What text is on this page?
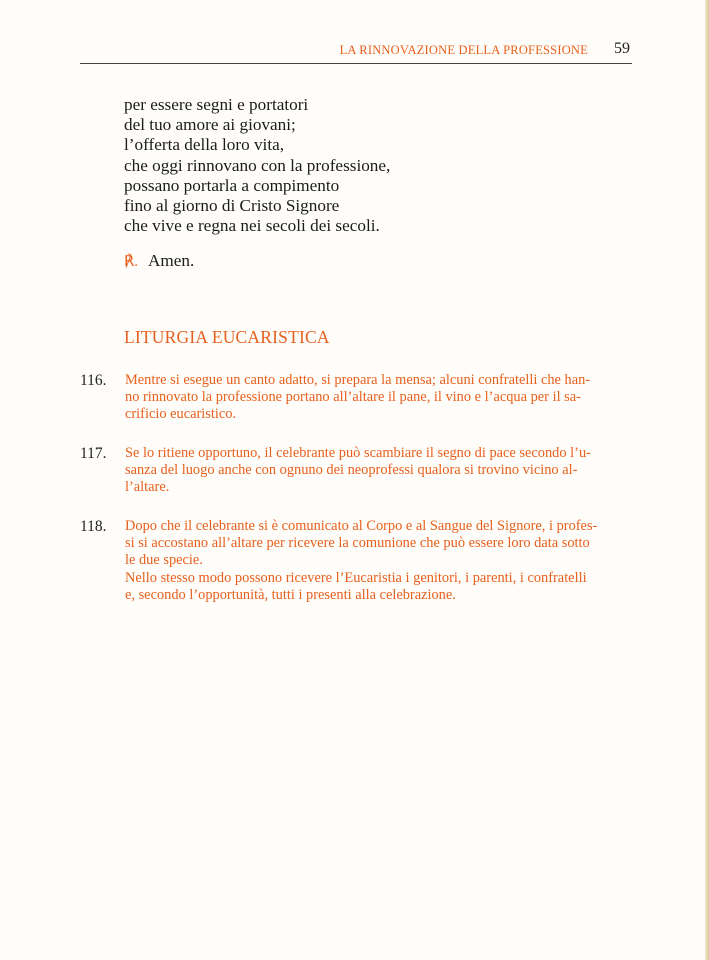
LA RINNOVAZIONE DELLA PROFESSIONE 59
per essere segni e portatori
del tuo amore ai giovani;
l’offerta della loro vita,
che oggi rinnovano con la professione,
possano portarla a compimento
fino al giorno di Cristo Signore
che vive e regna nei secoli dei secoli.
℟. Amen.
LITURGIA EUCARISTICA
116. Mentre si esegue un canto adatto, si prepara la mensa; alcuni confratelli che han-
no rinnovato la professione portano all’altare il pane, il vino e l’acqua per il sa-
crificio eucaristico.
117. Se lo ritiene opportuno, il celebrante può scambiare il segno di pace secondo l’u-
sanza del luogo anche con ognuno dei neoprofessi qualora si trovino vicino al-
l’altare.
118. Dopo che il celebrante si è comunicato al Corpo e al Sangue del Signore, i profes-
si si accostano all’altare per ricevere la comunione che può essere loro data sotto
le due specie.
Nello stesso modo possono ricevere l’Eucaristia i genitori, i parenti, i confratelli
e, secondo l’opportunità, tutti i presenti alla celebrazione.
